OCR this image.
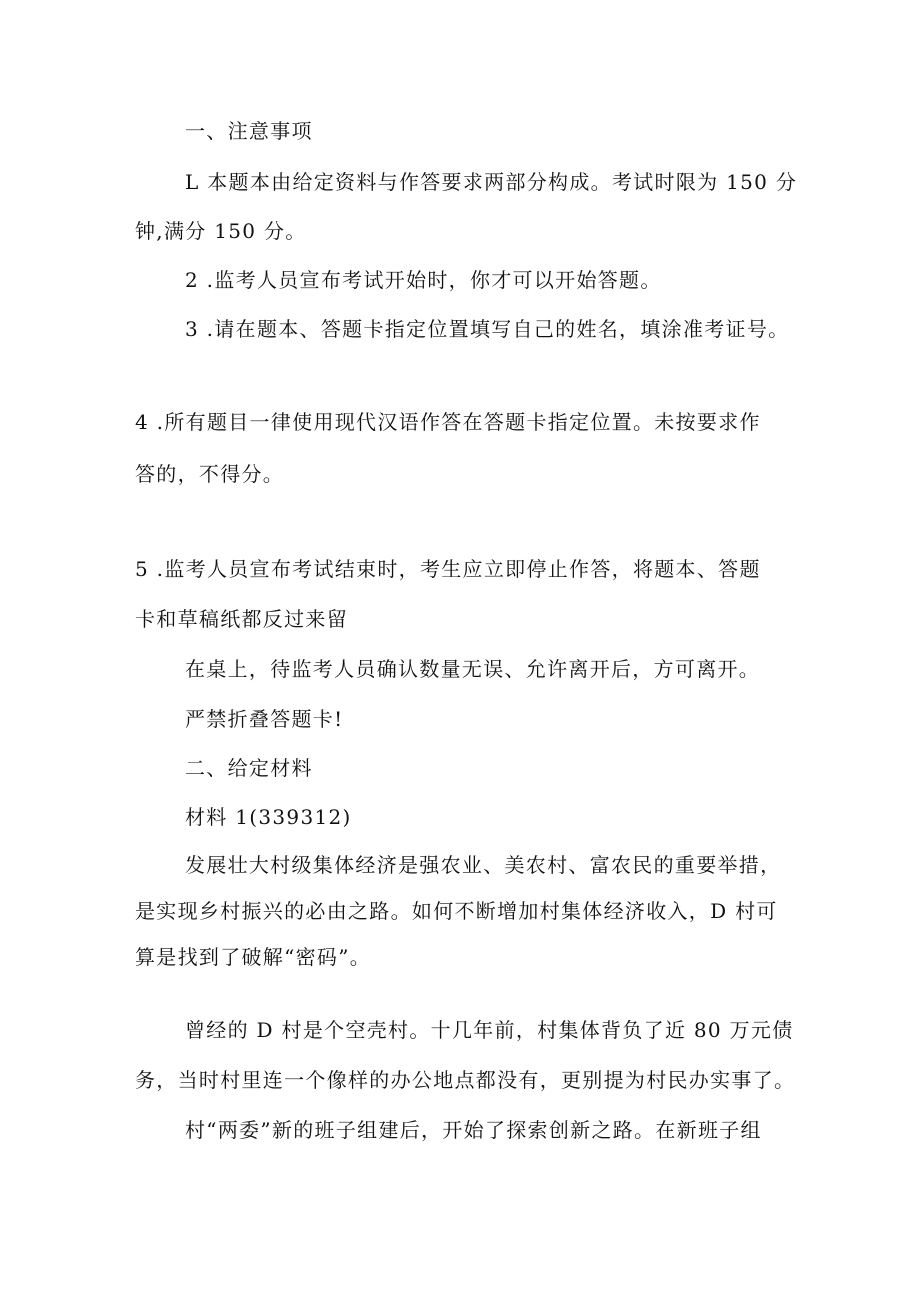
一、注意事项
L 本题本由给定资料与作答要求两部分构成。考试时限为 150 分
钟,满分 150 分。
2 .监考人员宣布考试开始时，你才可以开始答题。
3 .请在题本、答题卡指定位置填写自己的姓名，填涂准考证号。
4 .所有题目一律使用现代汉语作答在答题卡指定位置。未按要求作
答的，不得分。
5 .监考人员宣布考试结束时，考生应立即停止作答，将题本、答题
卡和草稿纸都反过来留
在桌上，待监考人员确认数量无误、允许离开后，方可离开。
严禁折叠答题卡!
二、给定材料
材料 1(339312)
发展壮大村级集体经济是强农业、美农村、富农民的重要举措，
是实现乡村振兴的必由之路。如何不断增加村集体经济收入，D 村可
算是找到了破解“密码”。
曾经的 D 村是个空壳村。十几年前，村集体背负了近 80 万元债
务，当时村里连一个像样的办公地点都没有，更别提为村民办实事了。
村“两委”新的班子组建后，开始了探索创新之路。在新班子组
